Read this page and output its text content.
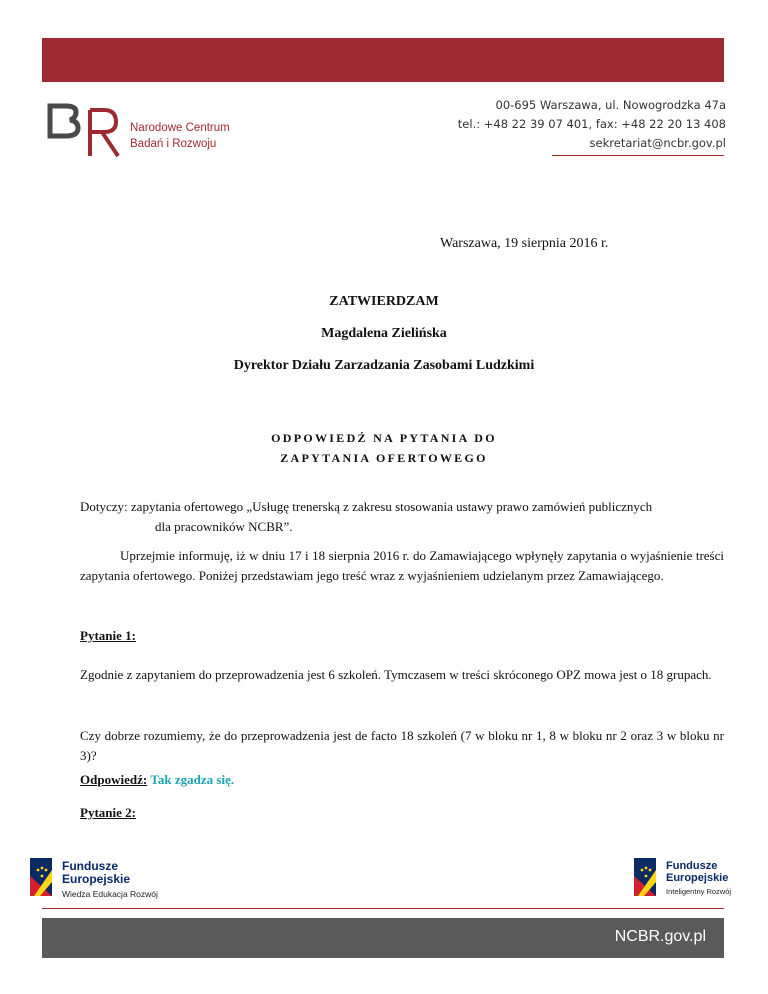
Narodowe Centrum
Badań i Rozwoju
00-695 Warszawa, ul. Nowogrodzka 47a
tel.: +48 22 39 07 401, fax: +48 22 20 13 408
sekretariat@ncbr.gov.pl
Warszawa, 19 sierpnia 2016 r.
ZATWIERDZAM
Magdalena Zielińska
Dyrektor Działu Zarzadzania Zasobami Ludzkimi
ODPOWIEDŹ NA PYTANIA DO
ZAPYTANIA OFERTOWEGO
Dotyczy: zapytania ofertowego „Usługę trenerską z zakresu stosowania ustawy prawo zamówień publicznych
dla pracowników NCBR”.
Uprzejmie informuję, iż w dniu 17 i 18 sierpnia 2016 r. do Zamawiającego wpłynęły zapytania o wyjaśnienie treści zapytania ofertowego. Poniżej przedstawiam jego treść wraz z wyjaśnieniem udzielanym przez Zamawiającego.
Pytanie 1:
Zgodnie z zapytaniem do przeprowadzenia jest 6 szkoleń. Tymczasem w treści skróconego OPZ mowa jest o 18 grupach.
Czy dobrze rozumiemy, że do przeprowadzenia jest de facto 18 szkoleń (7 w bloku nr 1, 8 w bloku nr 2 oraz 3 w bloku nr 3)?
Odpowiedź: Tak zgadza się.
Pytanie 2:
Fundusze
Europejskie
Wiedza Edukacja Rozwój
Fundusze
Europejskie
Inteligentny Rozwój
NCBR.gov.pl
